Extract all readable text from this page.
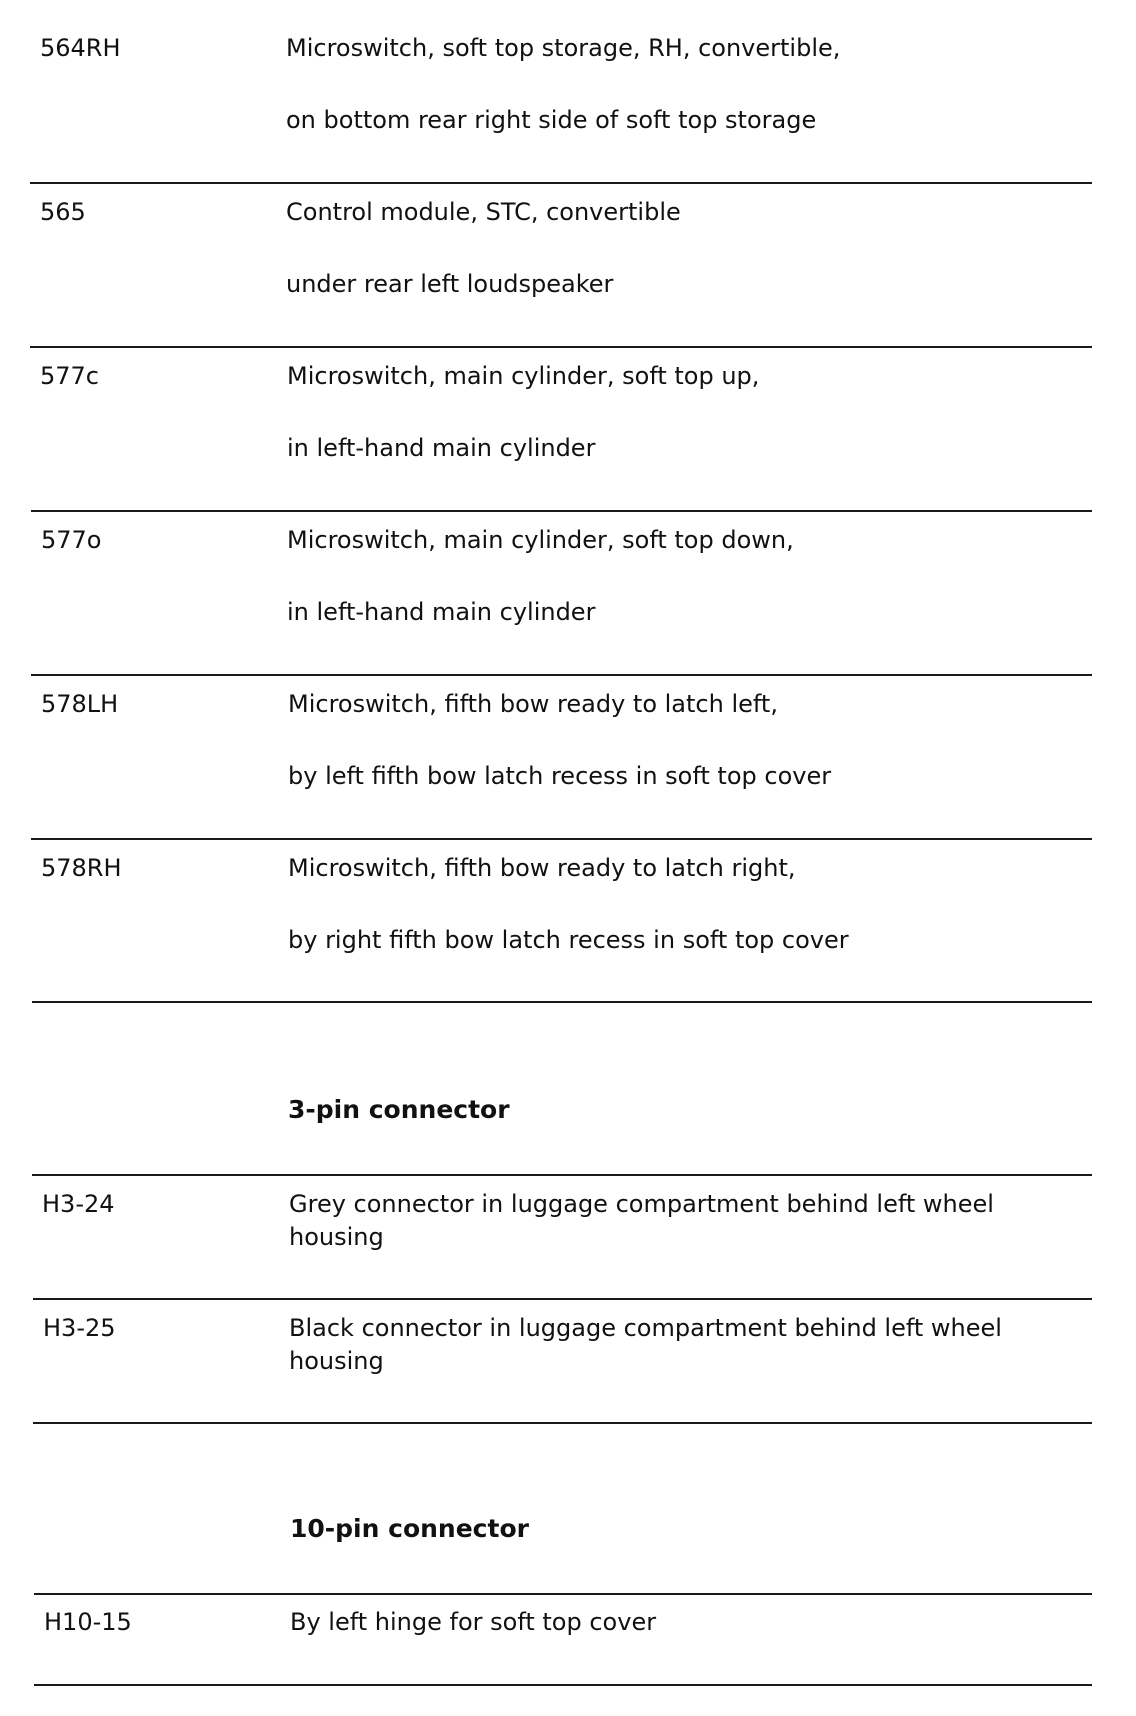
564RH	Microswitch, soft top storage, RH, convertible,
on bottom rear right side of soft top storage
565	Control module, STC, convertible
under rear left loudspeaker
577c	Microswitch, main cylinder, soft top up,
in left-hand main cylinder
577o	Microswitch, main cylinder, soft top down,
in left-hand main cylinder
578LH	Microswitch, fifth bow ready to latch left,
by left fifth bow latch recess in soft top cover
578RH	Microswitch, fifth bow ready to latch right,
by right fifth bow latch recess in soft top cover
3-pin connector
H3-24	Grey connector in luggage compartment behind left wheel housing
H3-25	Black connector in luggage compartment behind left wheel housing
10-pin connector
H10-15	By left hinge for soft top cover
